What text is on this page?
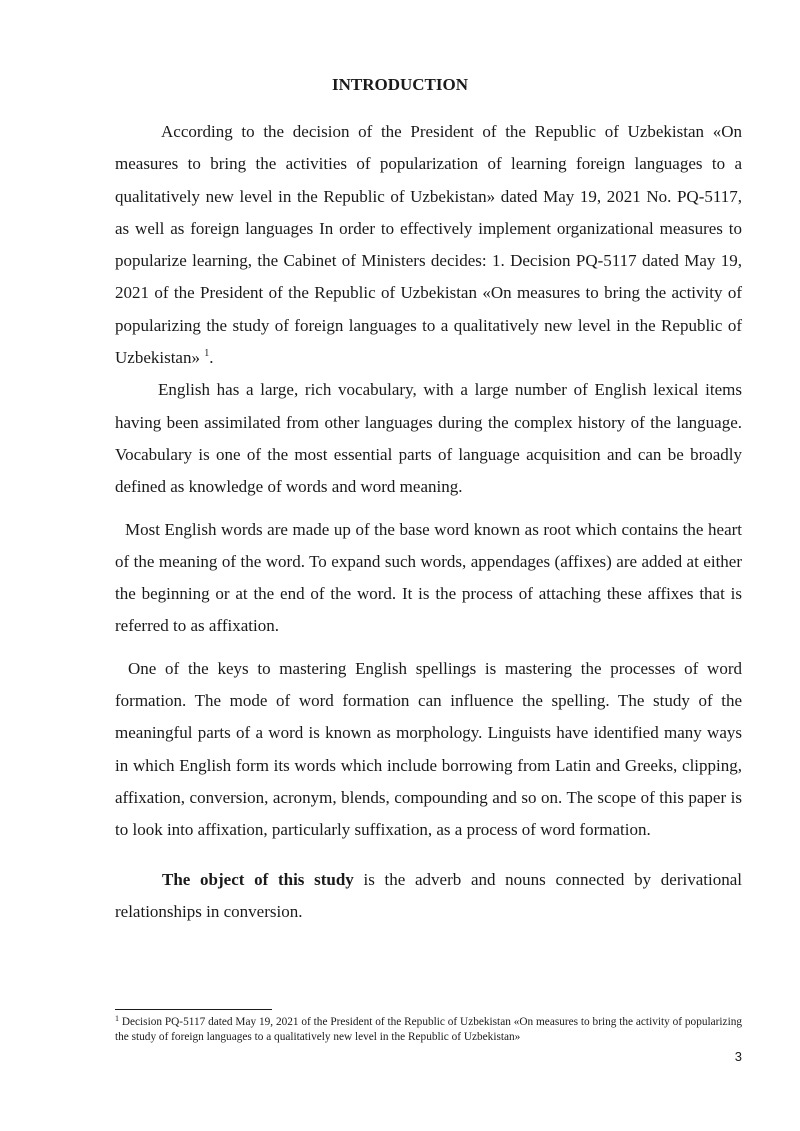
INTRODUCTION

According to the decision of the President of the Republic of Uzbekistan «On measures to bring the activities of popularization of learning foreign languages to a qualitatively new level in the Republic of Uzbekistan» dated May 19, 2021 No. PQ-5117, as well as foreign languages In order to effectively implement organizational measures to popularize learning, the Cabinet of Ministers decides: 1. Decision PQ-5117 dated May 19, 2021 of the President of the Republic of Uzbekistan «On measures to bring the activity of popularizing the study of foreign languages to a qualitatively new level in the Republic of Uzbekistan» $^1$.

English has a large, rich vocabulary, with a large number of English lexical items having been assimilated from other languages during the complex history of the language. Vocabulary is one of the most essential parts of language acquisition and can be broadly defined as knowledge of words and word meaning.

Most English words are made up of the base word known as root which contains the heart of the meaning of the word. To expand such words, appendages (affixes) are added at either the beginning or at the end of the word. It is the process of attaching these affixes that is referred to as affixation.

One of the keys to mastering English spellings is mastering the processes of word formation. The mode of word formation can influence the spelling. The study of the meaningful parts of a word is known as morphology. Linguists have identified many ways in which English form its words which include borrowing from Latin and Greeks, clipping, affixation, conversion, acronym, blends, compounding and so on. The scope of this paper is to look into affixation, particularly suffixation, as a process of word formation.

The object of this study is the adverb and nouns connected by derivational relationships in conversion.

$^1$ Decision PQ-5117 dated May 19, 2021 of the President of the Republic of Uzbekistan «On measures to bring the activity of popularizing the study of foreign languages to a qualitatively new level in the Republic of Uzbekistan»
3
